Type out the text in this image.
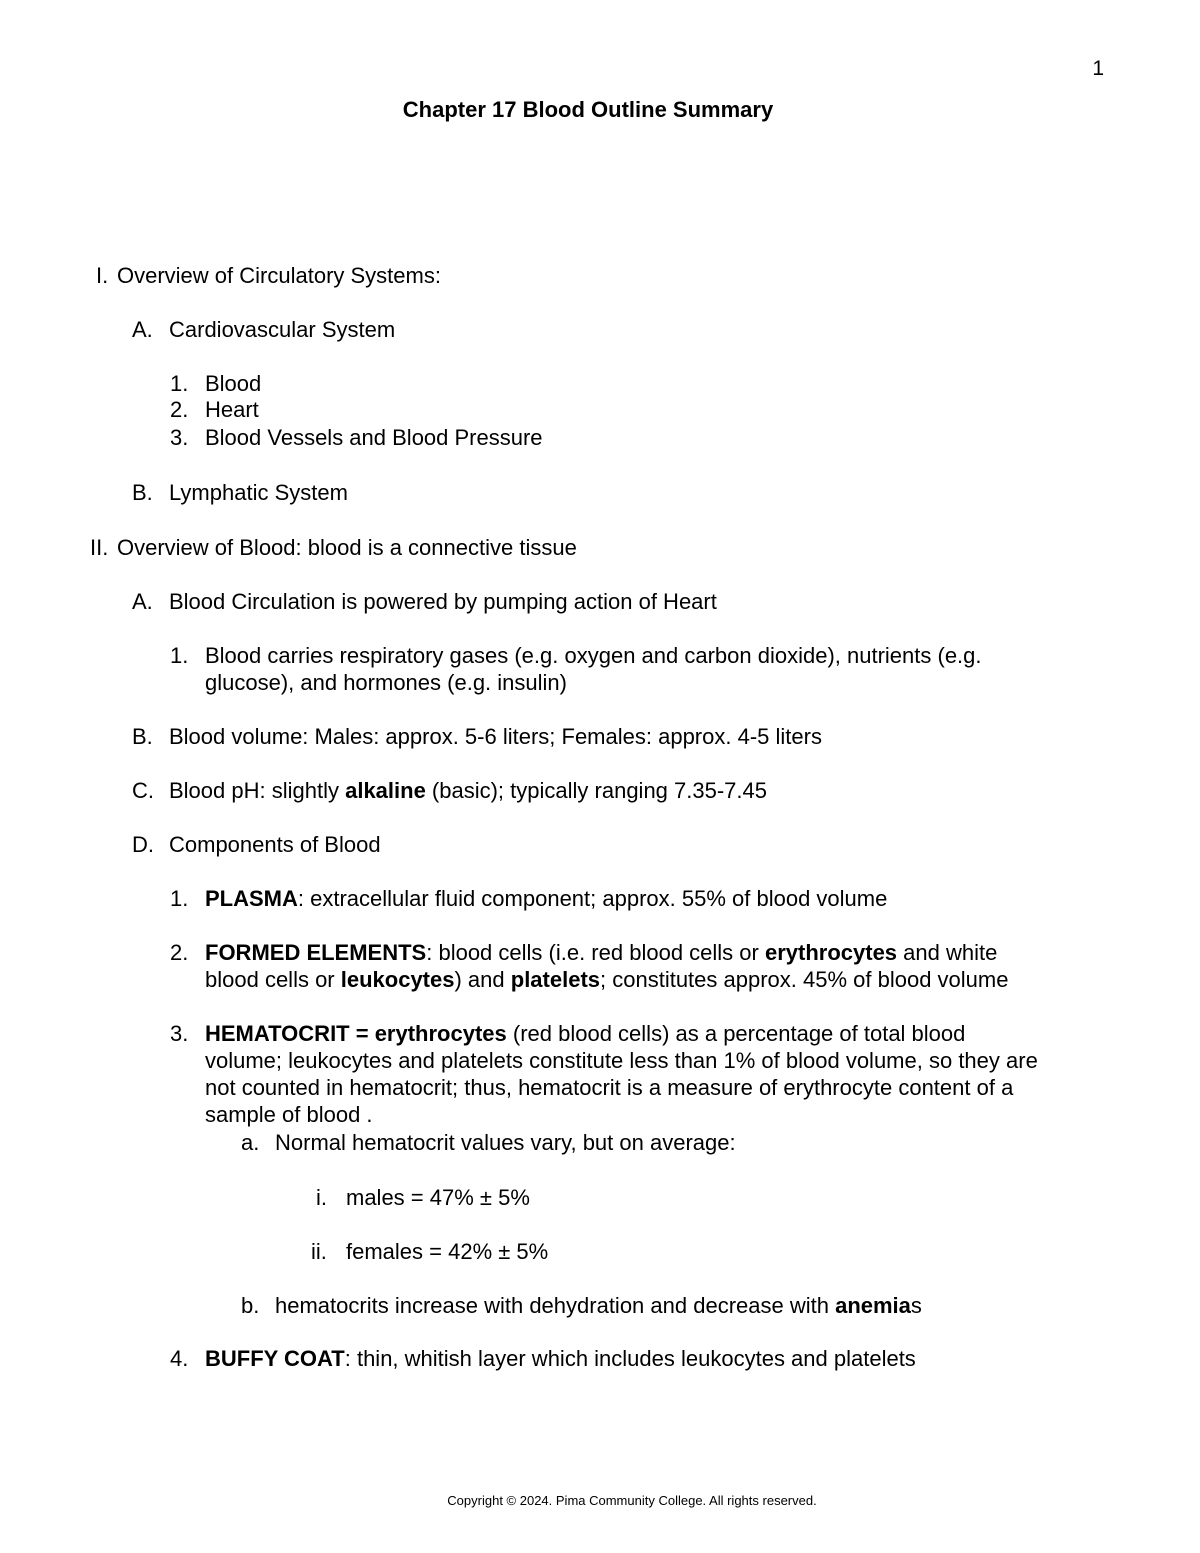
1
Chapter 17 Blood Outline Summary
I. Overview of Circulatory Systems:
A. Cardiovascular System
1. Blood
2. Heart
3. Blood Vessels and Blood Pressure
B. Lymphatic System
II. Overview of Blood: blood is a connective tissue
A. Blood Circulation is powered by pumping action of Heart
1. Blood carries respiratory gases (e.g. oxygen and carbon dioxide), nutrients (e.g.
glucose), and hormones (e.g. insulin)
B. Blood volume: Males: approx. 5-6 liters; Females: approx. 4-5 liters
C. Blood pH: slightly alkaline (basic); typically ranging 7.35-7.45
D. Components of Blood
1. PLASMA: extracellular fluid component; approx. 55% of blood volume
2. FORMED ELEMENTS: blood cells (i.e. red blood cells or erythrocytes and white
blood cells or leukocytes) and platelets; constitutes approx. 45% of blood volume
3. HEMATOCRIT = erythrocytes (red blood cells) as a percentage of total blood
volume; leukocytes and platelets constitute less than 1% of blood volume, so they are
not counted in hematocrit; thus, hematocrit is a measure of erythrocyte content of a
sample of blood .
a. Normal hematocrit values vary, but on average:
i. males = 47% ± 5%
ii. females = 42% ± 5%
b. hematocrits increase with dehydration and decrease with anemias
4. BUFFY COAT: thin, whitish layer which includes leukocytes and platelets
Copyright © 2024. Pima Community College. All rights reserved.
